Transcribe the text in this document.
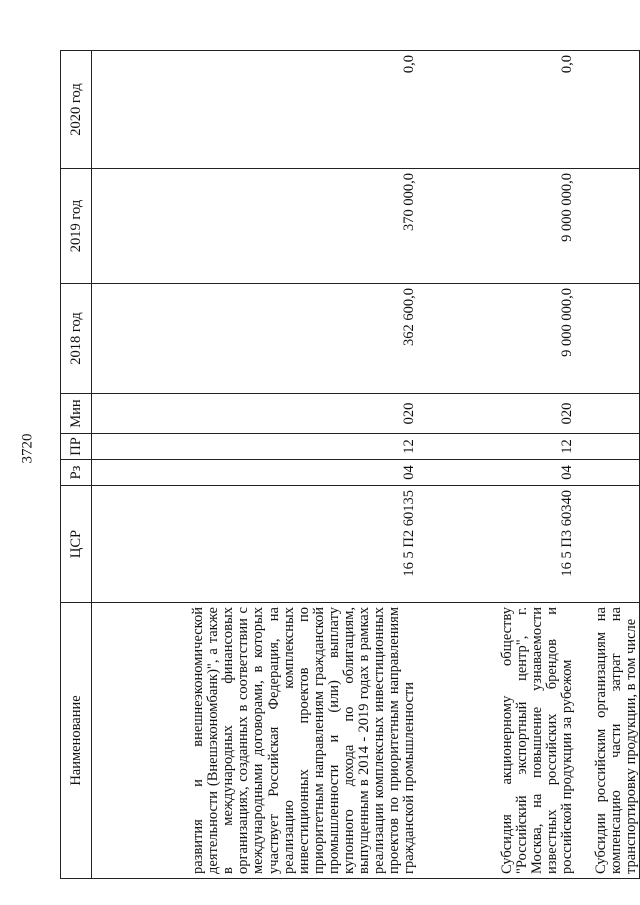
3720
Наименование	ЦСР	Рз	ПР	Мин	2018 год	2019 год	2020 год

развития и внешнеэкономической деятельности (Внешэкономбанк)", а также в международных финансовых организациях, созданных в соответствии с международными договорами, в которых участвует Российская Федерация, на реализацию комплексных инвестиционных проектов по приоритетным направлениям гражданской промышленности и (или) выплату купонного дохода по облигациям, выпущенным в 2014 - 2019 годах в рамках реализации комплексных инвестиционных проектов по приоритетным направлениям гражданской промышленности	16 5 П2 60135	04	12	020	362 600,0	370 000,0	0,0

Субсидия акционерному обществу "Российский экспортный центр", г. Москва, на повышение узнаваемости известных российских брендов и российской продукции за рубежом	16 5 П3 60340	04	12	020	9 000 000,0	9 000 000,0	0,0

Субсидии российским организациям на компенсацию части затрат на транспортировку продукции, в том числе							
